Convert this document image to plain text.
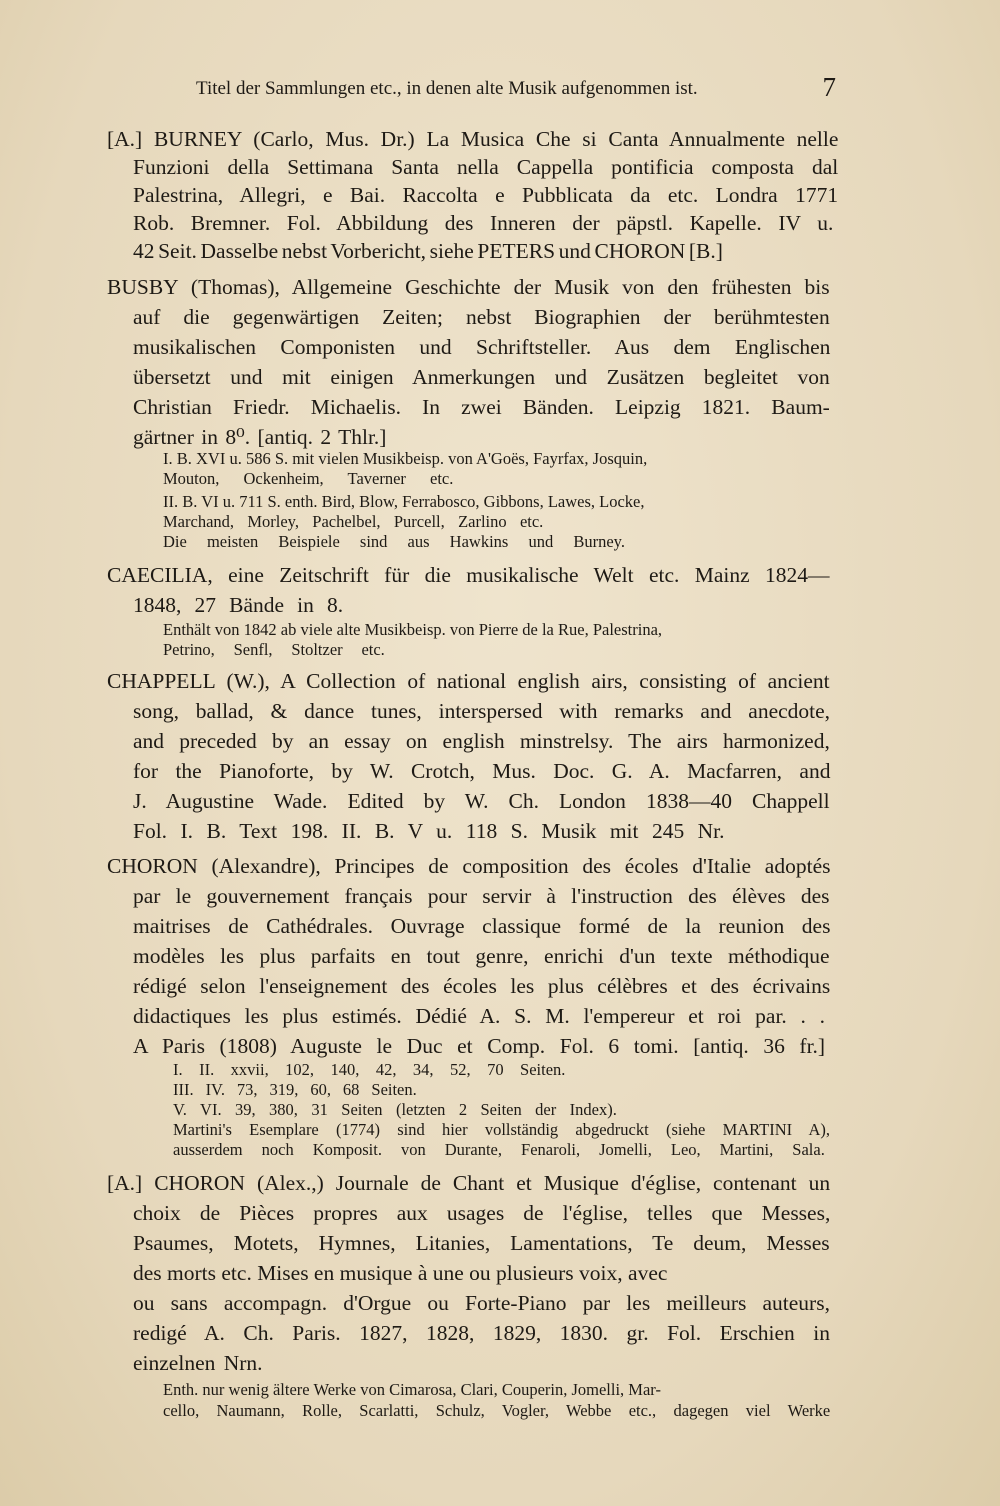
Titel der Sammlungen etc., in denen alte Musik aufgenommen ist.	7
[A.] BURNEY (Carlo, Mus. Dr.) La Musica Che si Canta Annualmente nelle
Funzioni della Settimana Santa nella Cappella pontificia composta dal
Palestrina, Allegri, e Bai. Raccolta e Pubblicata da etc. Londra 1771
Rob. Bremner. Fol. Abbildung des Inneren der päpstl. Kapelle. IV u.
42 Seit. Dasselbe nebst Vorbericht, siehe PETERS und CHORON [B.]
BUSBY (Thomas), Allgemeine Geschichte der Musik von den frühesten bis
auf die gegenwärtigen Zeiten; nebst Biographien der berühmtesten
musikalischen Componisten und Schriftsteller. Aus dem Englischen
übersetzt und mit einigen Anmerkungen und Zusätzen begleitet von
Christian Friedr. Michaelis. In zwei Bänden. Leipzig 1821. Baum-
gärtner in 8⁰. [antiq. 2 Thlr.]
I. B. XVI u. 586 S. mit vielen Musikbeisp. von A'Goës, Fayrfax, Josquin,
Mouton, Ockenheim, Taverner etc.
II. B. VI u. 711 S. enth. Bird, Blow, Ferrabosco, Gibbons, Lawes, Locke,
Marchand, Morley, Pachelbel, Purcell, Zarlino etc.
Die meisten Beispiele sind aus Hawkins und Burney.
CAECILIA, eine Zeitschrift für die musikalische Welt etc. Mainz 1824—
1848, 27 Bände in 8.
Enthält von 1842 ab viele alte Musikbeisp. von Pierre de la Rue, Palestrina,
Petrino, Senfl, Stoltzer etc.
CHAPPELL (W.), A Collection of national english airs, consisting of ancient
song, ballad, & dance tunes, interspersed with remarks and anecdote,
and preceded by an essay on english minstrelsy. The airs harmonized,
for the Pianoforte, by W. Crotch, Mus. Doc. G. A. Macfarren, and
J. Augustine Wade. Edited by W. Ch. London 1838—40 Chappell
Fol. I. B. Text 198. II. B. V u. 118 S. Musik mit 245 Nr.
CHORON (Alexandre), Principes de composition des écoles d'Italie adoptés
par le gouvernement français pour servir à l'instruction des élèves des
maitrises de Cathédrales. Ouvrage classique formé de la reunion des
modèles les plus parfaits en tout genre, enrichi d'un texte méthodique
rédigé selon l'enseignement des écoles les plus célèbres et des écrivains
didactiques les plus estimés. Dédié A. S. M. l'empereur et roi par. . .
A Paris (1808) Auguste le Duc et Comp. Fol. 6 tomi. [antiq. 36 fr.]
I. II. xxvii, 102, 140, 42, 34, 52, 70 Seiten.
III. IV. 73, 319, 60, 68 Seiten.
V. VI. 39, 380, 31 Seiten (letzten 2 Seiten der Index).
Martini's Esemplare (1774) sind hier vollständig abgedruckt (siehe MARTINI A),
ausserdem noch Komposit. von Durante, Fenaroli, Jomelli, Leo, Martini, Sala.
[A.] CHORON (Alex.,) Journale de Chant et Musique d'église, contenant un
choix de Pièces propres aux usages de l'église, telles que Messes,
Psaumes, Motets, Hymnes, Litanies, Lamentations, Te deum, Messes
des morts etc. Mises en musique à une ou plusieurs voix, avec
ou sans accompagn. d'Orgue ou Forte-Piano par les meilleurs auteurs,
redigé A. Ch. Paris. 1827, 1828, 1829, 1830. gr. Fol. Erschien in
einzelnen Nrn.
Enth. nur wenig ältere Werke von Cimarosa, Clari, Couperin, Jomelli, Mar-
cello, Naumann, Rolle, Scarlatti, Schulz, Vogler, Webbe etc., dagegen viel Werke
